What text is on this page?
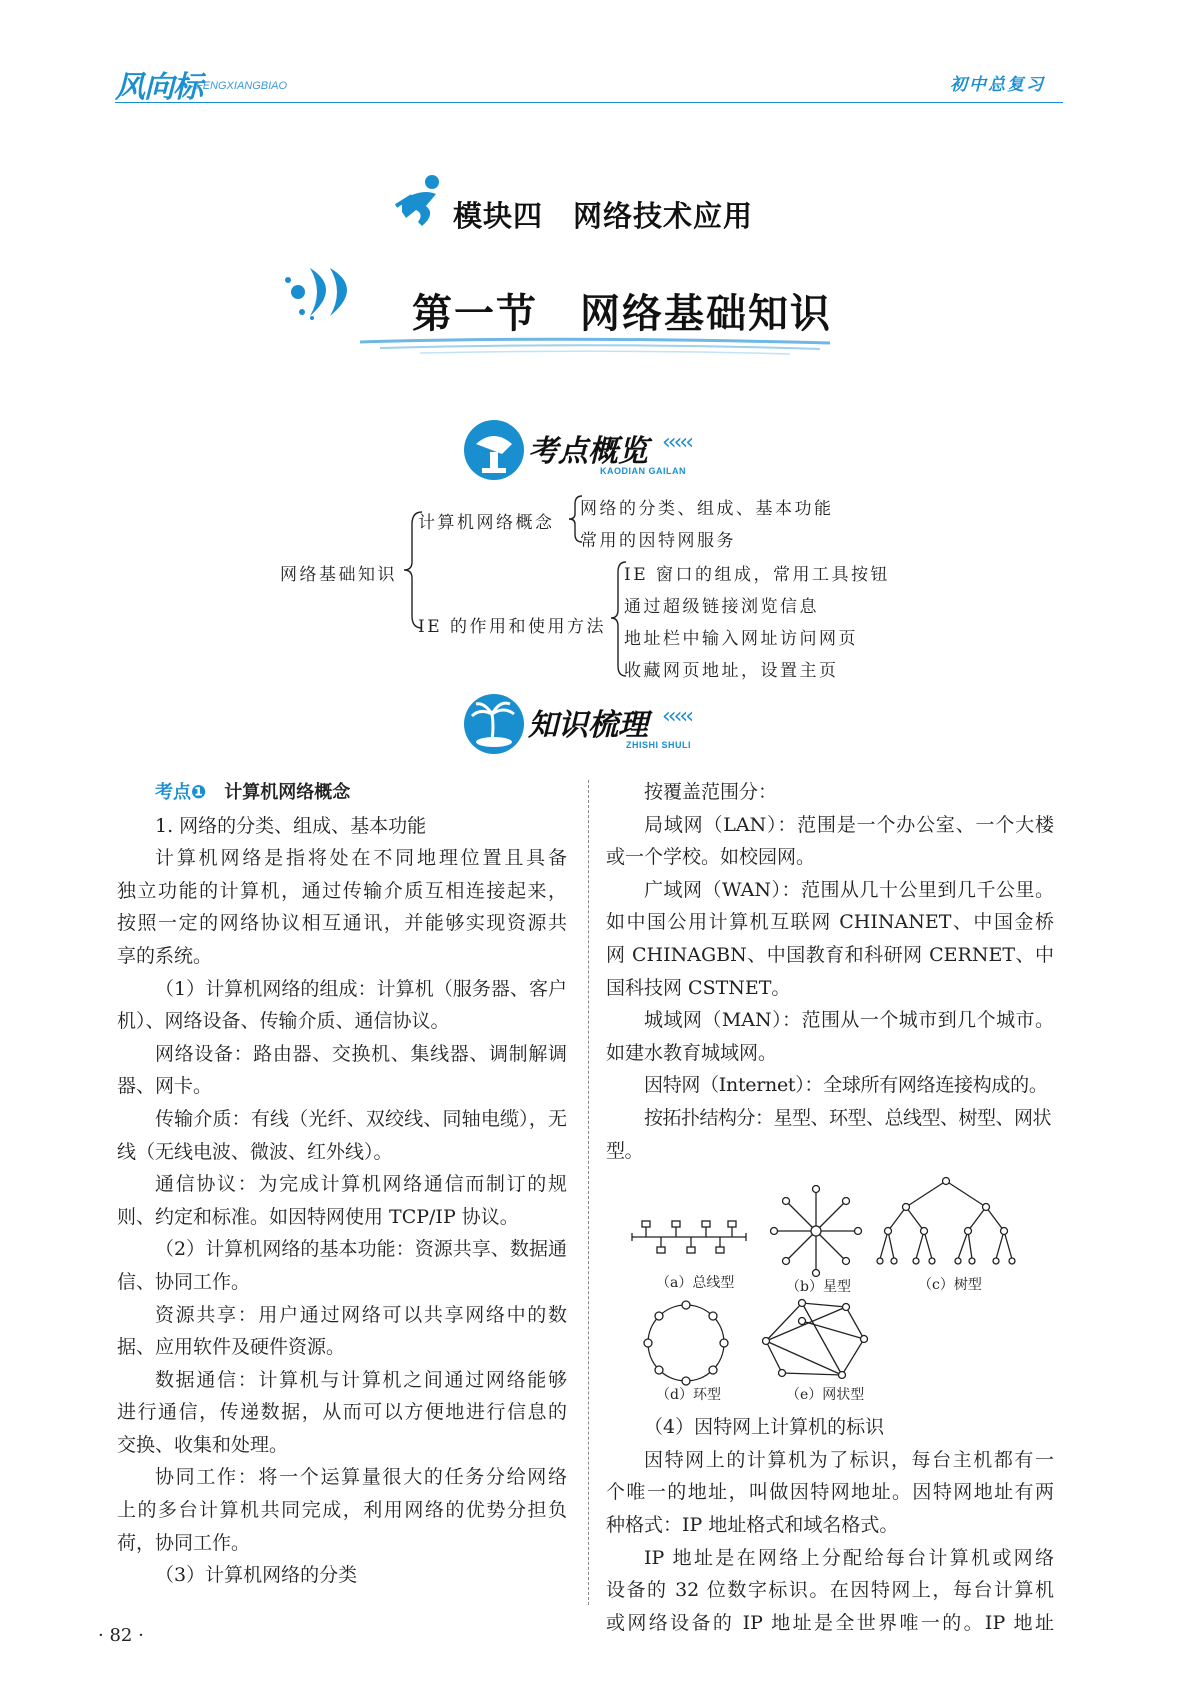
风向标
FENGXIANGBIAO	初中总复习
模块四　网络技术应用
第一节　网络基础知识
考点概览 ‹‹‹‹‹
KAODIAN GAILAN
网络基础知识
计算机网络概念
网络的分类、组成、基本功能
常用的因特网服务
IE 的作用和使用方法
IE 窗口的组成，常用工具按钮
通过超级链接浏览信息
地址栏中输入网址访问网页
收藏网页地址，设置主页
知识梳理 ‹‹‹‹‹
ZHISHI SHULI

考点❶ 计算机网络概念

1. 网络的分类、组成、基本功能

计算机网络是指将处在不同地理位置且具备

独立功能的计算机，通过传输介质互相连接起来，

按照一定的网络协议相互通讯，并能够实现资源共

享的系统。

（1）计算机网络的组成：计算机（服务器、客户

机）、网络设备、传输介质、通信协议。

网络设备：路由器、交换机、集线器、调制解调

器、网卡。

传输介质：有线（光纤、双绞线、同轴电缆），无

线（无线电波、微波、红外线）。

通信协议：为完成计算机网络通信而制订的规

则、约定和标准。如因特网使用 TCP/IP 协议。

（2）计算机网络的基本功能：资源共享、数据通

信、协同工作。

资源共享：用户通过网络可以共享网络中的数

据、应用软件及硬件资源。

数据通信：计算机与计算机之间通过网络能够

进行通信，传递数据，从而可以方便地进行信息的

交换、收集和处理。

协同工作：将一个运算量很大的任务分给网络

上的多台计算机共同完成，利用网络的优势分担负

荷，协同工作。

（3）计算机网络的分类

按覆盖范围分：

局域网（LAN）：范围是一个办公室、一个大楼

或一个学校。如校园网。

广域网（WAN）：范围从几十公里到几千公里。

如中国公用计算机互联网 CHINANET、中国金桥

网 CHINAGBN、中国教育和科研网 CERNET、中

国科技网 CSTNET。

城域网（MAN）：范围从一个城市到几个城市。

如建水教育城域网。

因特网（Internet）：全球所有网络连接构成的。

按拓扑结构分：星型、环型、总线型、树型、网状型。

（a）总线型	（b）星型	（c）树型
（d）环型	（e）网状型

（4）因特网上计算机的标识

因特网上的计算机为了标识，每台主机都有一

个唯一的地址，叫做因特网地址。因特网地址有两

种格式：IP 地址格式和域名格式。

IP 地址是在网络上分配给每台计算机或网络

设备的 32 位数字标识。在因特网上，每台计算机

或网络设备的 IP 地址是全世界唯一的。IP 地址

· 82 ·
